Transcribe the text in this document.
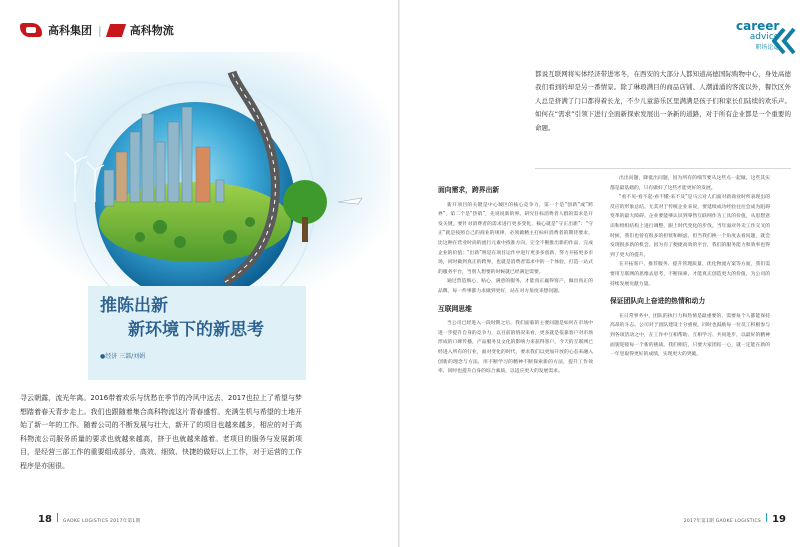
高科集团 |	高科物流
推陈出新
新环境下的新思考
●经济 三部/刘娟
寻云朝露，流光年离。2016带着欢乐与忧愁在季节的冷风中远去，2017也拉上了希望与梦想踏着春天青步走上。我们也跟随着集合高科物流这片青春盛哲。充满生机与希望的土地开始了新一年的工作。随着公司的不断发展与壮大，新开了的项目也越来越多，相应的对于高科物流公司服务质量的要求也就越来越高，挤于也就越来越着。老项目的服务与发展新项目，是经营三部工作的重要组成部分，高效、细致、快捷的做好以上工作，对于运营的工作程序是亦困很。
18 GAOKE LOGISTICS 2017年第1期
career
advice
职场论道
都说互联网将实体经济带进寒冬，在西安的大部分人都知道高德国际购物中心，身处高德我们看到的却是另一番情景。除了琳琅满目的商品店铺、人潮涌涌的客流以外，餐饮区外人总是挤满了门口都得着长龙，不少儿童游乐区里满满是孩子们和家长们陆续的欢乐声。如何在“需求”引领下进行全面新探索发展出一条新的道路，对于所有企业都是一个重要的命题。
面向需求，跨界出新

新开项目的关键是中心城区的核心竞争力，第一个是“创新”或“跨界”，第二个是“热销”，先说说新的界。研究目标消费者人群的需求是开发关键。要针对消费者的需求进行更多变化，核心就是“守正出新”：“守正”就是按照自己的商业的规律，必须做精主打标杆消费者的期待要求，比这种在营业时尚的流行元素中找准方向，完全不断推出新的作品，完成企业的价值；“出新”则是在项目运作中进行更多多创新，努力开拓更多市场，同时做到真正的跨界，也就是消费者需求中的一个体验，打造一站式的服务平台，当别人想要的时候就已经满足需要。

通过营造细心、贴心、满意的服务，才能真正赢得客户，做出真正的品牌。每一件事都力求做到更好，站在对方角度来想问题。

互联网思维

当公司已经进入一段时期之后，我们面临的主要问题是如何在市场中进一步提升自身的竞争力，以目前的情况来看，更多就是依靠客户对市场形成的口碑传播，产品服务及文化的影响力来获得客户。今天的互联网已经进入所有的行业，面对变化的时代，要求我们以更加开放的心态来融入创新的理念与方法，用不断学习的精神不断探索新的方法，提升工作效率，同时也提升自身的综合素质，以适应更大的发展需求。

出出问题，降低出问题，因为所有的细节要从这些点一起做，这些其实都是最基础的，只有做好了这些才能更好的发展。

“看不见-看不起-看不懂-来不及”是马云对人们面对新商业时所表现出的反应的形象总结。尤其对于传统企业来说，要延续成功经验往往会成为阻碍变革的最大障碍。企业要能够认识到零售互联网作为工具的价值，从思想意识和组织结构上进行调整，跟上时代变化的步伐。当年面对外卖工作交叉的时候，我们也曾有很多的担忧和顾虑，但当我们换一个角度去看问题，就会发现很多新的机会。因为有了便捷高效的平台，我们的服务能力和效率也得到了更大的提升。

在开拓客户、推荐服务、提升管理质量、优化物流方案等方面，我们需要用互联网的思维去思考，不断探索，才能真正创造更大的价值，为公司的持续发展贡献力量。

保证团队向上奋进的热情和动力

在日常事务中，团队的执行力和热情是最重要的，需要每个人都能保持高昂的斗志。公司对于团队建设十分重视，同时也鼓励每一位员工积极参与到各项活动之中，在工作中互相帮助、互相学习、共同进步，以最好的精神面貌迎接每一个新的挑战。我们相信，只要大家团结一心，就一定能在新的一年里取得更好的成绩，实现更大的突破。

2017年第1期 GAOKE LOGISTICS 19
